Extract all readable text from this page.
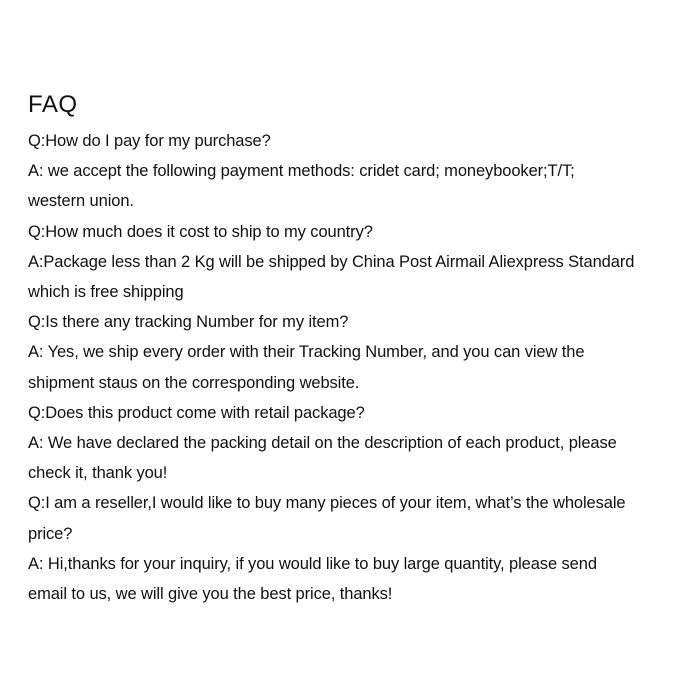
FAQ
Q:How do I pay for my purchase?
A: we accept the following payment methods: cridet card; moneybooker;T/T;
western union.
Q:How much does it cost to ship to my country?
A:Package less than 2 Kg will be shipped by China Post Airmail Aliexpress Standard
which is free shipping
Q:Is there any tracking Number for my item?
A: Yes, we ship every order with their Tracking Number, and you can view the
shipment staus on the corresponding website.
Q:Does this product come with retail package?
A: We have declared the packing detail on the description of each product, please
check it, thank you!
Q:I am a reseller,I would like to buy many pieces of your item, what’s the wholesale
price?
A: Hi,thanks for your inquiry, if you would like to buy large quantity, please send
email to us, we will give you the best price, thanks!
